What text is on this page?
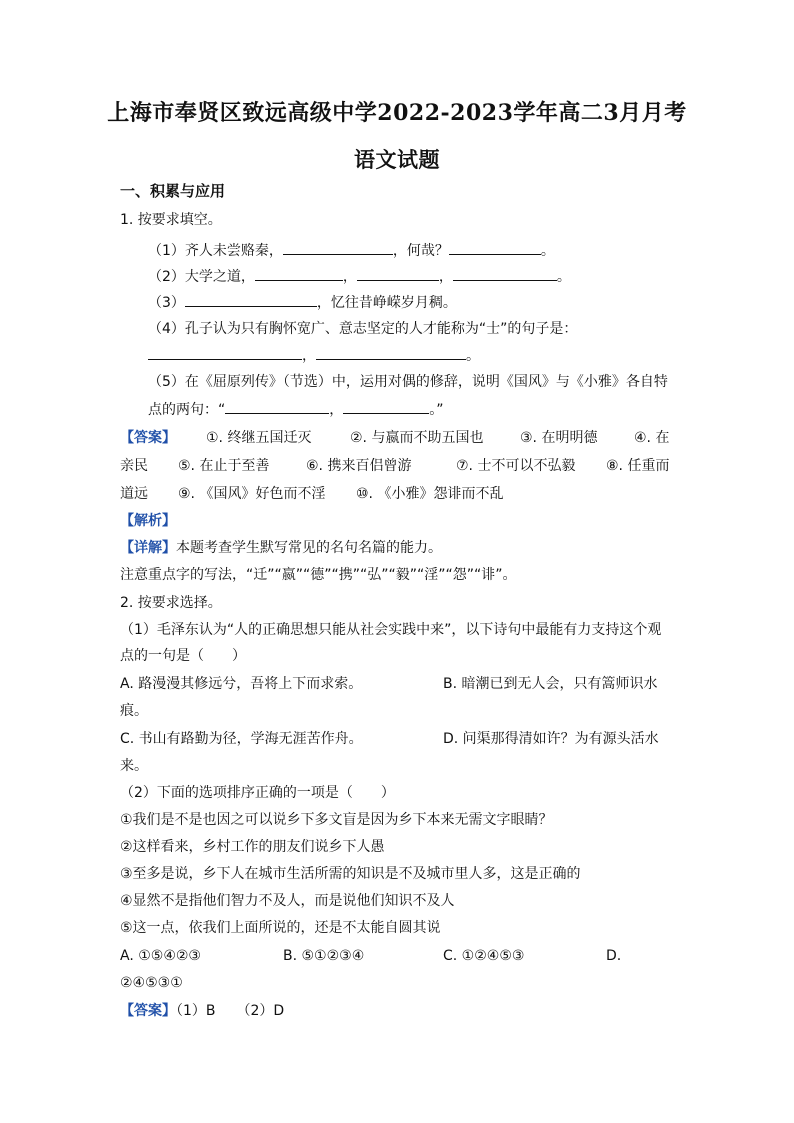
上海市奉贤区致远高级中学2022-2023学年高二3月月考
语文试题
一、积累与应用
1. 按要求填空。
（1）齐人未尝赂秦，	，何哉？	。
（2）大学之道，	，	，	。
（3）	，忆往昔峥嵘岁月稠。
（4）孔子认为只有胸怀宽广、意志坚定的人才能称为“士”的句子是：
，	。
（5）在《屈原列传》（节选）中，运用对偶的修辞，说明《国风》与《小雅》各自特
点的两句：“	，	。”
【答案】 ①. 终继五国迁灭	②. 与嬴而不助五国也	③. 在明明德	④. 在
亲民 ⑤. 在止于至善	⑥. 携来百侣曾游	⑦. 士不可以不弘毅 ⑧. 任重而
道远 ⑨. 《国风》好色而不淫 ⑩. 《小雅》怨诽而不乱
【解析】
【详解】本题考查学生默写常见的名句名篇的能力。
注意重点字的写法，“迁”“嬴”“德”“携”“弘”“毅”“淫”“怨”“诽”。
2. 按要求选择。
（1）毛泽东认为“人的正确思想只能从社会实践中来”，以下诗句中最能有力支持这个观
点的一句是（　　）
A. 路漫漫其修远兮，吾将上下而求索。	B. 暗潮已到无人会，只有篙师识水
痕。
C. 书山有路勤为径，学海无涯苦作舟。	D. 问渠那得清如许？为有源头活水
来。
（2）下面的选项排序正确的一项是（　　）
①我们是不是也因之可以说乡下多文盲是因为乡下本来无需文字眼睛？
②这样看来，乡村工作的朋友们说乡下人愚
③至多是说，乡下人在城市生活所需的知识是不及城市里人多，这是正确的
④显然不是指他们智力不及人，而是说他们知识不及人
⑤这一点，依我们上面所说的，还是不太能自圆其说
A. ①⑤④②③	B. ⑤①②③④	C. ①②④⑤③	D.
②④⑤③①
【答案】（1）B　　（2）D
